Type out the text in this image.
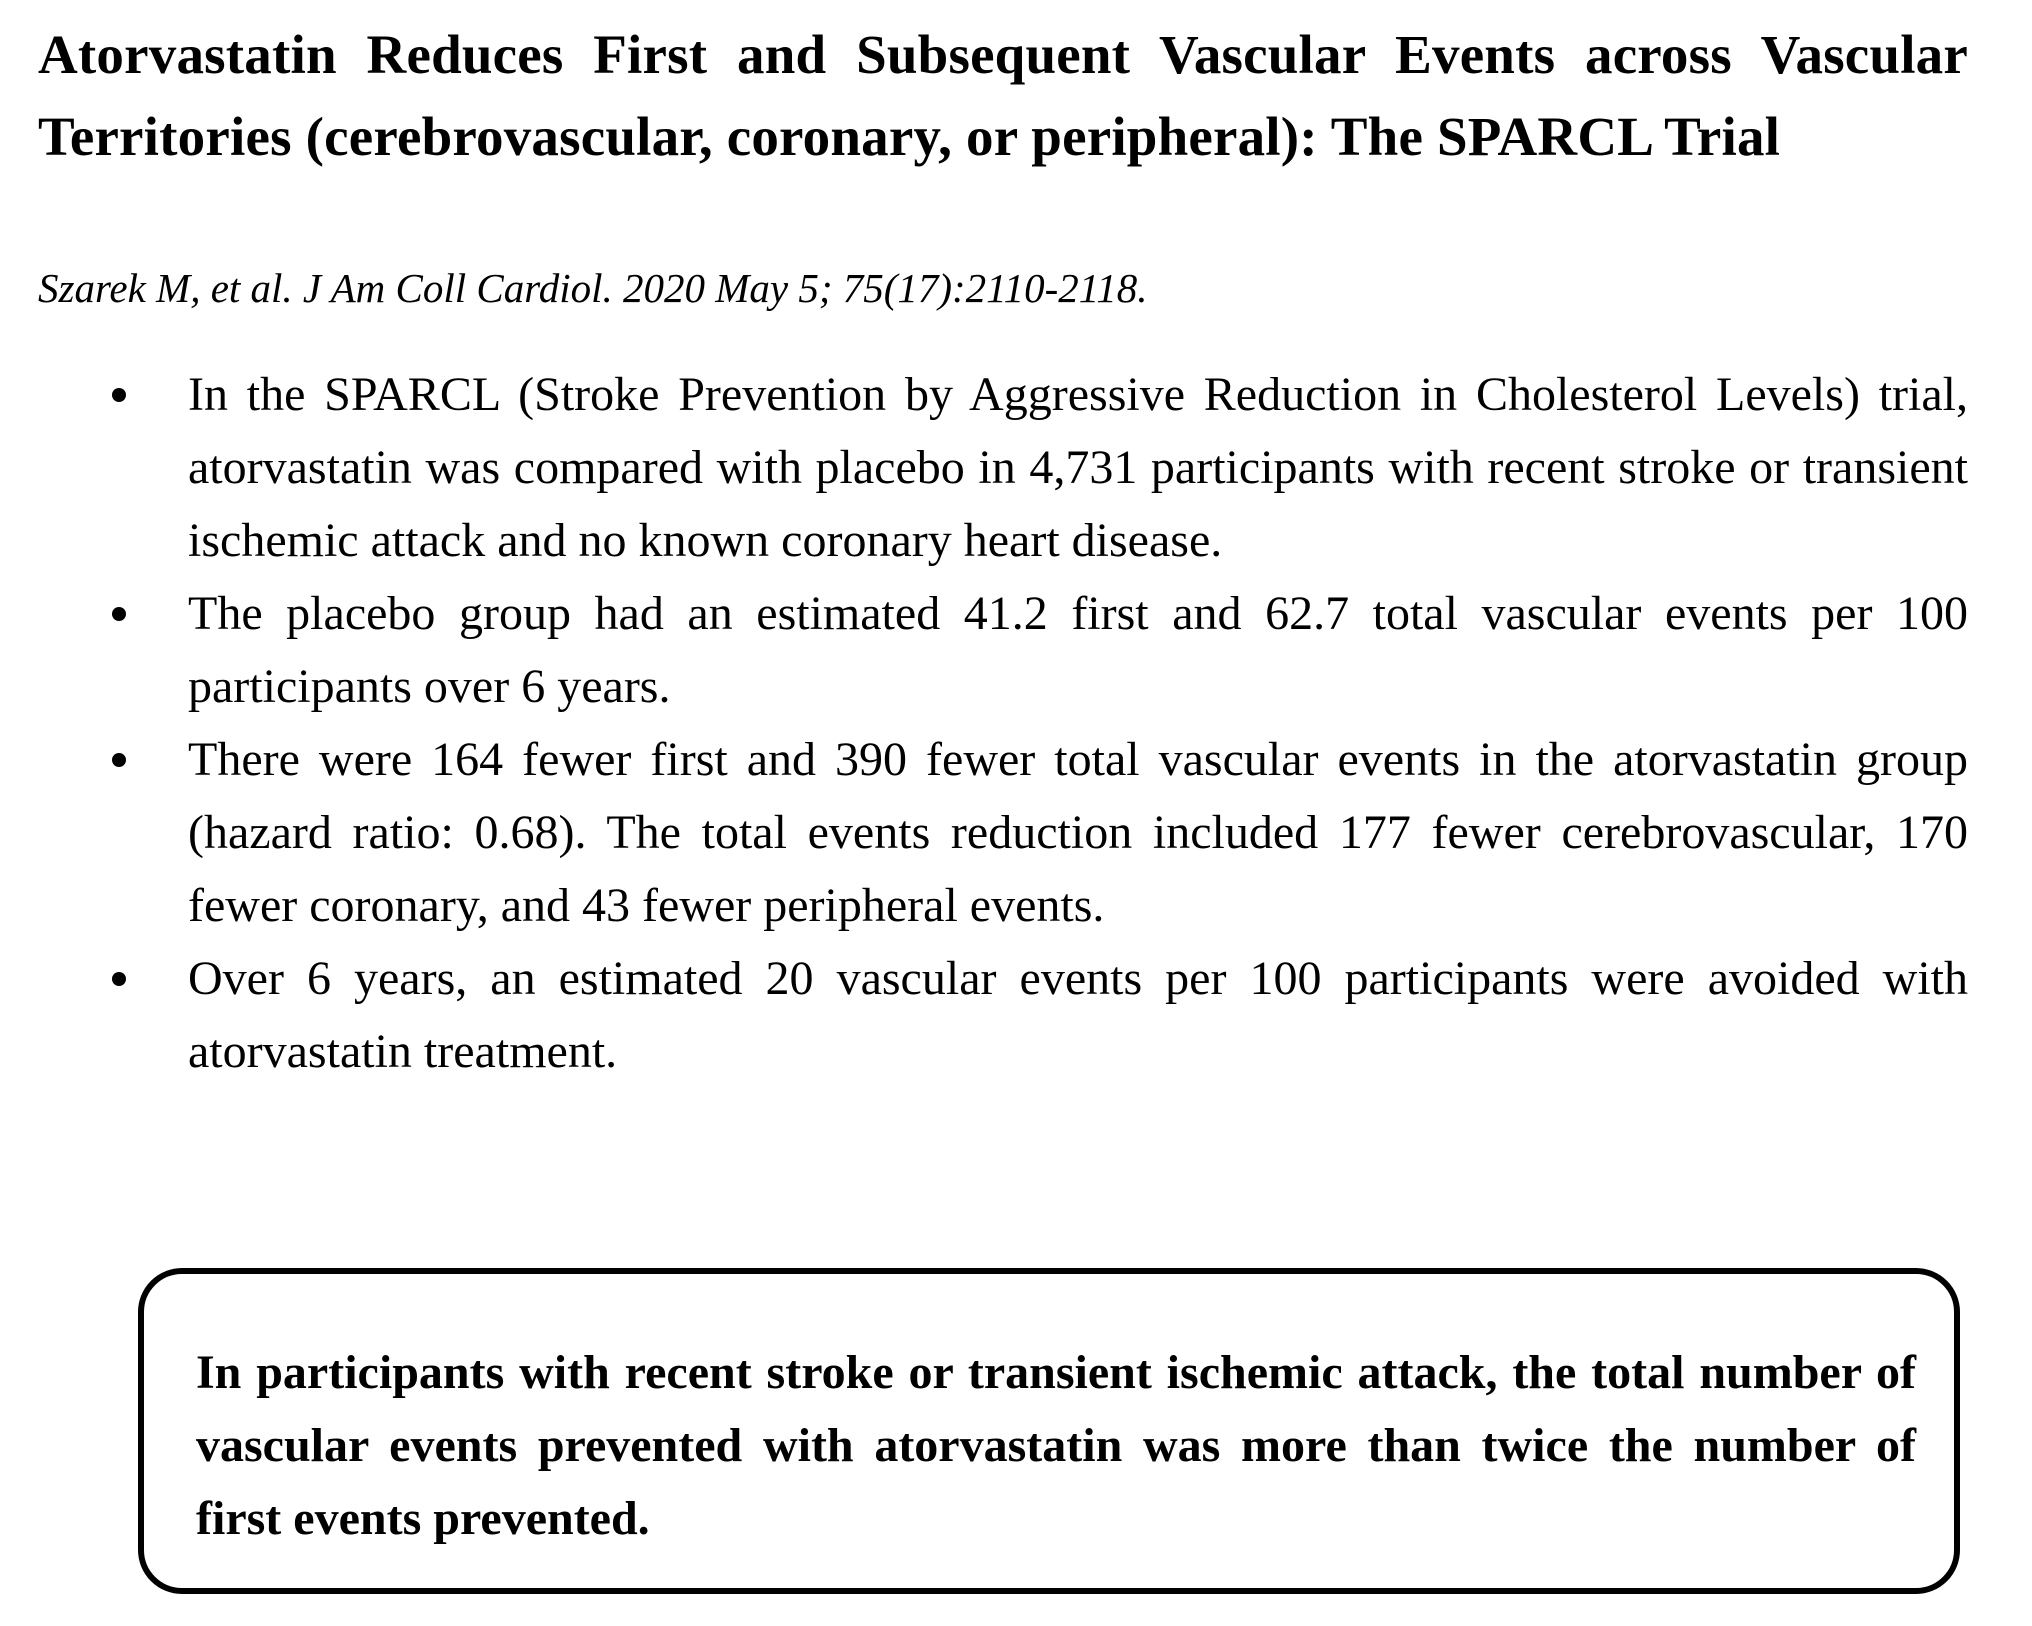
Atorvastatin Reduces First and Subsequent Vascular Events across Vascular Territories (cerebrovascular, coronary, or peripheral): The SPARCL Trial

Szarek M, et al. J Am Coll Cardiol. 2020 May 5; 75(17):2110-2118.

In the SPARCL (Stroke Prevention by Aggressive Reduction in Cholesterol Levels) trial, atorvastatin was compared with placebo in 4,731 participants with recent stroke or transient ischemic attack and no known coronary heart disease.
The placebo group had an estimated 41.2 first and 62.7 total vascular events per 100 participants over 6 years.
There were 164 fewer first and 390 fewer total vascular events in the atorvastatin group (hazard ratio: 0.68). The total events reduction included 177 fewer cerebrovascular, 170 fewer coronary, and 43 fewer peripheral events.
Over 6 years, an estimated 20 vascular events per 100 participants were avoided with atorvastatin treatment.

In participants with recent stroke or transient ischemic attack, the total number of vascular events prevented with atorvastatin was more than twice the number of first events prevented.
